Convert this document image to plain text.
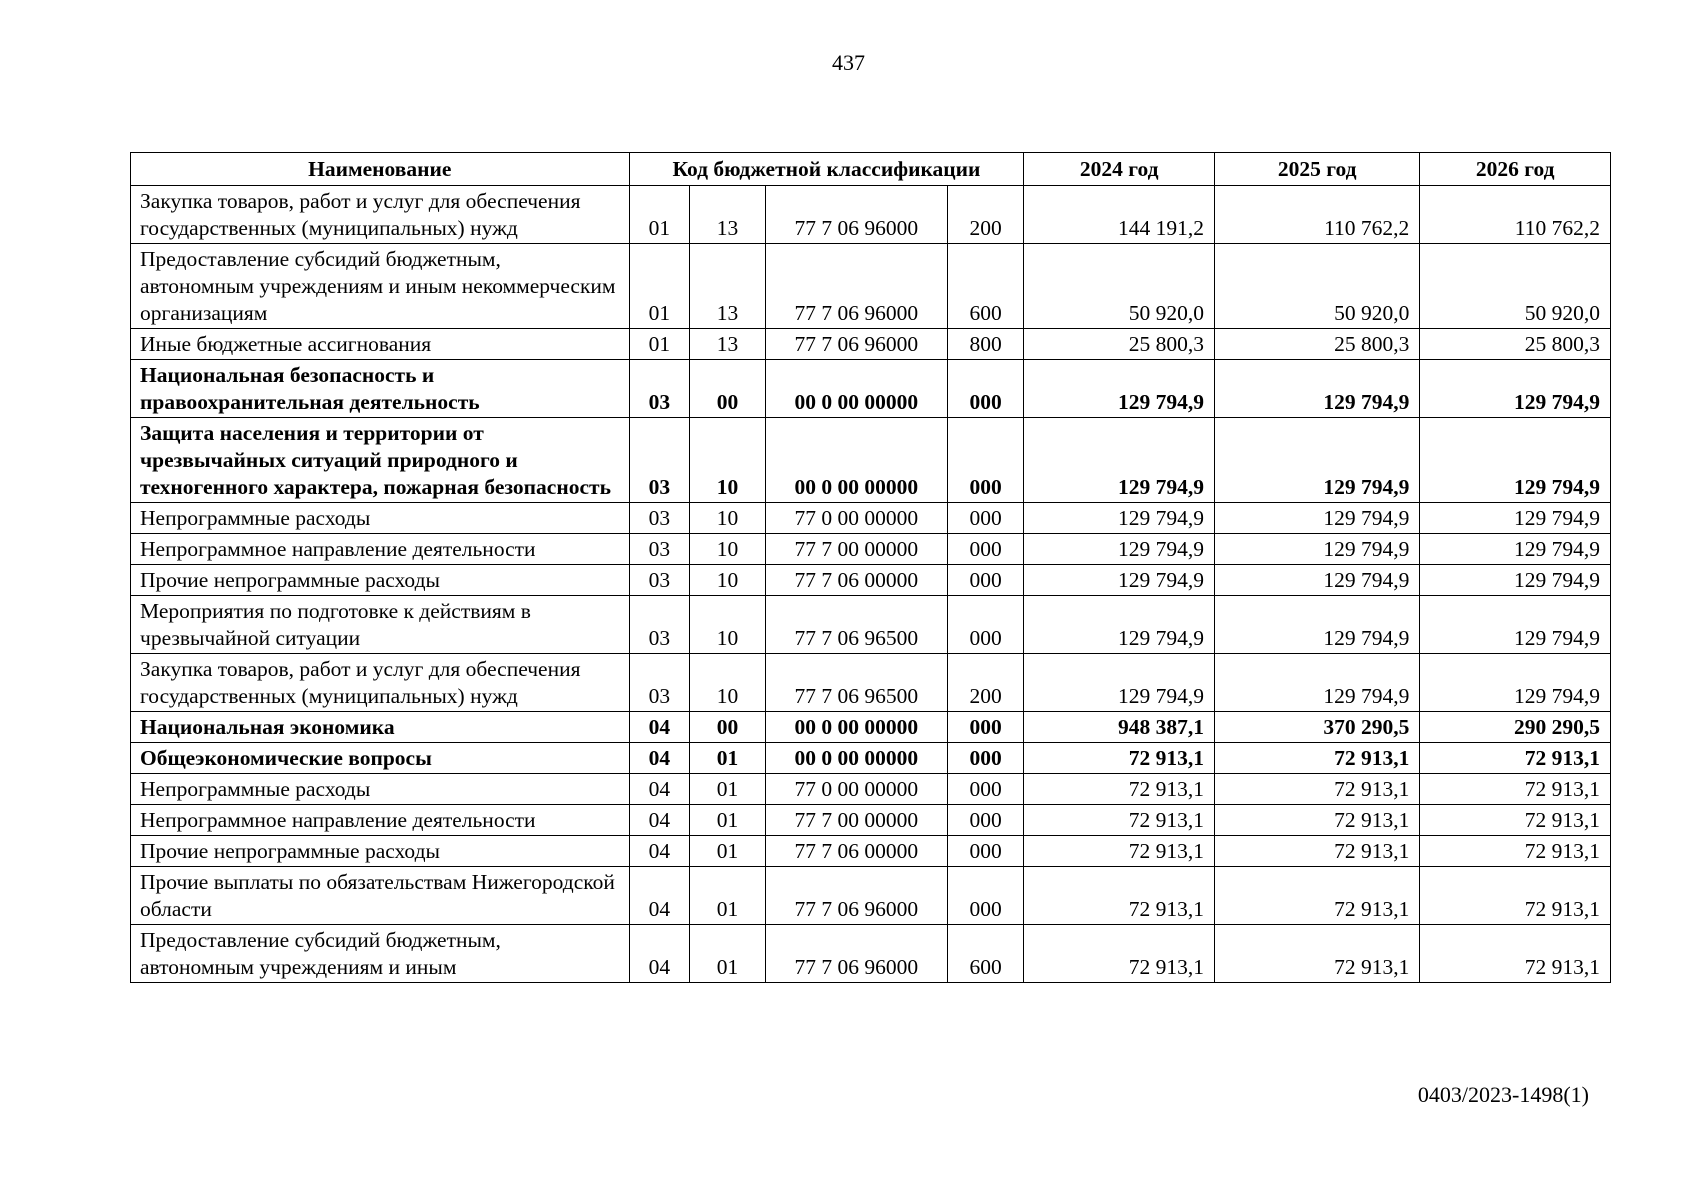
437
Наименование	Код бюджетной классификации				2024 год	2025 год	2026 год
Закупка товаров, работ и услуг для обеспечения государственных (муниципальных) нужд	01	13	77 7 06 96000	200	144 191,2	110 762,2	110 762,2
Предоставление субсидий бюджетным, автономным учреждениям и иным некоммерческим организациям	01	13	77 7 06 96000	600	50 920,0	50 920,0	50 920,0
Иные бюджетные ассигнования	01	13	77 7 06 96000	800	25 800,3	25 800,3	25 800,3
Национальная безопасность и правоохранительная деятельность	03	00	00 0 00 00000	000	129 794,9	129 794,9	129 794,9
Защита населения и территории от чрезвычайных ситуаций природного и техногенного характера, пожарная безопасность	03	10	00 0 00 00000	000	129 794,9	129 794,9	129 794,9
Непрограммные расходы	03	10	77 0 00 00000	000	129 794,9	129 794,9	129 794,9
Непрограммное направление деятельности	03	10	77 7 00 00000	000	129 794,9	129 794,9	129 794,9
Прочие непрограммные расходы	03	10	77 7 06 00000	000	129 794,9	129 794,9	129 794,9
Мероприятия по подготовке к действиям в чрезвычайной ситуации	03	10	77 7 06 96500	000	129 794,9	129 794,9	129 794,9
Закупка товаров, работ и услуг для обеспечения государственных (муниципальных) нужд	03	10	77 7 06 96500	200	129 794,9	129 794,9	129 794,9
Национальная экономика	04	00	00 0 00 00000	000	948 387,1	370 290,5	290 290,5
Общеэкономические вопросы	04	01	00 0 00 00000	000	72 913,1	72 913,1	72 913,1
Непрограммные расходы	04	01	77 0 00 00000	000	72 913,1	72 913,1	72 913,1
Непрограммное направление деятельности	04	01	77 7 00 00000	000	72 913,1	72 913,1	72 913,1
Прочие непрограммные расходы	04	01	77 7 06 00000	000	72 913,1	72 913,1	72 913,1
Прочие выплаты по обязательствам Нижегородской области	04	01	77 7 06 96000	000	72 913,1	72 913,1	72 913,1
Предоставление субсидий бюджетным, автономным учреждениям и иным	04	01	77 7 06 96000	600	72 913,1	72 913,1	72 913,1
0403/2023-1498(1)
